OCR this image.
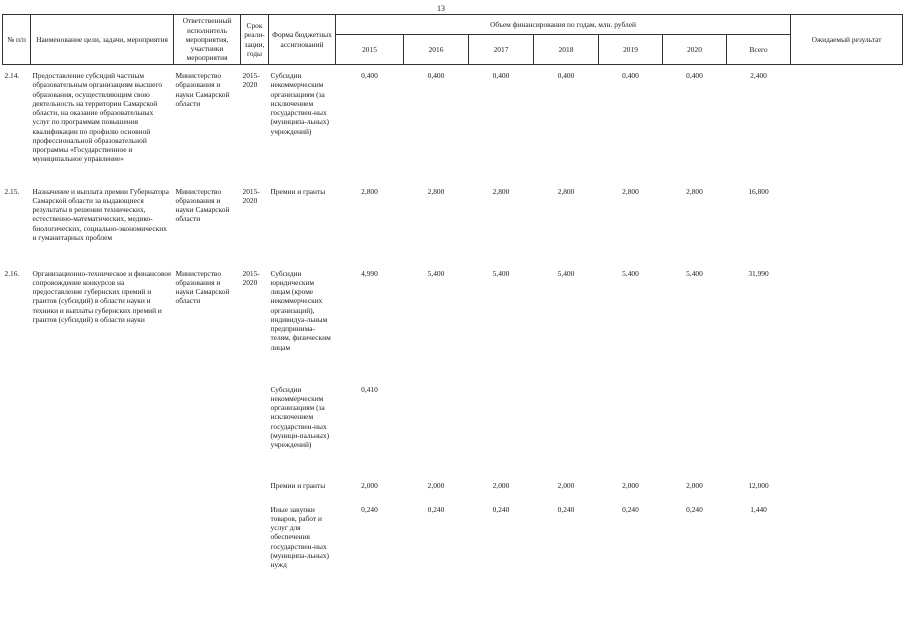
13
№ п/п	Наименование цели, задачи, мероприятия	Ответственный исполнитель мероприятия, участники мероприятия	Срок реали-зации, годы	Форма бюджетных ассигнований	Объем финансирования по годам, млн. рублей							Ожидаемый результат
					2015	2016	2017	2018	2019	2020	Всего	
2.14.	Предоставление субсидий частным образовательным организациям высшего образования, осуществляющим свою деятельность на территории Самарской области, на оказание образовательных услуг по программам повышения квалификации по профилю основной профессиональной образовательной программы «Государственное и муниципальное управление»	Министерство образования и науки Самарской области	2015-2020	Субсидии некоммерческим организациям (за исключением государствен-ных (муниципа-льных) учреждений)	0,400	0,400	0,400	0,400	0,400	0,400	2,400	
2.15.	Назначение и выплата премии Губернатора Самарской области за выдающиеся результаты в решении технических, естественно-математических, медико-биологических, социально-экономических и гуманитарных проблем	Министерство образования и науки Самарской области	2015-2020	Премии и гранты	2,800	2,800	2,800	2,800	2,800	2,800	16,800	
2.16.	Организационно-техническое и финансовое сопровождение конкурсов на предоставление губернских премий и грантов (субсидий) в области науки и техники и выплаты губернских премий и грантов (субсидий) в области науки	Министерство образования и науки Самарской области	2015-2020	Субсидии юридическим лицам (кроме некоммерческих организаций), индивидуа-льным предпринима-телям, физическим лицам	4,990	5,400	5,400	5,400	5,400	5,400	31,990	
				Субсидии некоммерческим организациям (за исключением государствен-ных (муници-пальных) учреждений)	0,410							
				Премии и гранты	2,000	2,000	2,000	2,000	2,000	2,000	12,000	
				Иные закупки товаров, работ и услуг для обеспечения государствен-ных (муниципа-льных) нужд	0,240	0,240	0,240	0,240	0,240	0,240	1,440	
